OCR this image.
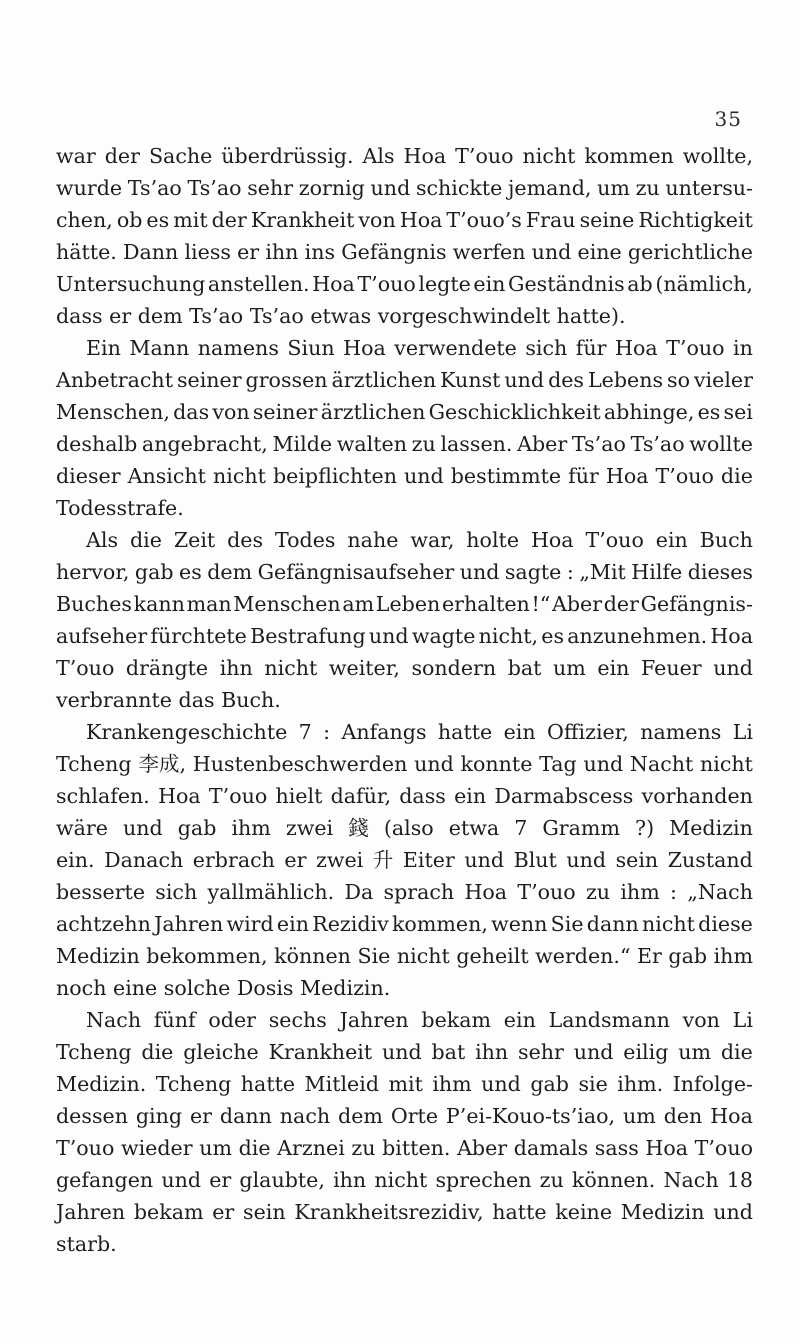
35
war der Sache überdrüssig. Als Hoa T’ouo nicht kommen wollte,
wurde Ts’ao Ts’ao sehr zornig und schickte jemand, um zu untersu-
chen, ob es mit der Krankheit von Hoa T’ouo’s Frau seine Richtigkeit
hätte. Dann liess er ihn ins Gefängnis werfen und eine gerichtliche
Untersuchung anstellen. Hoa T’ouo legte ein Geständnis ab (nämlich,
dass er dem Ts’ao Ts’ao etwas vorgeschwindelt hatte).
Ein Mann namens Siun Hoa verwendete sich für Hoa T’ouo in
Anbetracht seiner grossen ärztlichen Kunst und des Lebens so vieler
Menschen, das von seiner ärztlichen Geschicklichkeit abhinge, es sei
deshalb angebracht, Milde walten zu lassen. Aber Ts’ao Ts’ao wollte
dieser Ansicht nicht beipflichten und bestimmte für Hoa T’ouo die
Todesstrafe.
Als die Zeit des Todes nahe war, holte Hoa T’ouo ein Buch
hervor, gab es dem Gefängnisaufseher und sagte : „Mit Hilfe dieses
Buches kann man Menschen am Leben erhalten !“ Aber der Gefängnis-
aufseher fürchtete Bestrafung und wagte nicht, es anzunehmen. Hoa
T’ouo drängte ihn nicht weiter, sondern bat um ein Feuer und
verbrannte das Buch.
Krankengeschichte 7 : Anfangs hatte ein Offizier, namens Li
Tcheng 李成, Hustenbeschwerden und konnte Tag und Nacht nicht
schlafen. Hoa T’ouo hielt dafür, dass ein Darmabscess vorhanden
wäre und gab ihm zwei 錢 (also etwa 7 Gramm ?) Medizin
ein. Danach erbrach er zwei 升 Eiter und Blut und sein Zustand
besserte sich yallmählich. Da sprach Hoa T’ouo zu ihm : „Nach
achtzehn Jahren wird ein Rezidiv kommen, wenn Sie dann nicht diese
Medizin bekommen, können Sie nicht geheilt werden.“ Er gab ihm
noch eine solche Dosis Medizin.
Nach fünf oder sechs Jahren bekam ein Landsmann von Li
Tcheng die gleiche Krankheit und bat ihn sehr und eilig um die
Medizin. Tcheng hatte Mitleid mit ihm und gab sie ihm. Infolge-
dessen ging er dann nach dem Orte P’ei-Kouo-ts’iao, um den Hoa
T’ouo wieder um die Arznei zu bitten. Aber damals sass Hoa T’ouo
gefangen und er glaubte, ihn nicht sprechen zu können. Nach 18
Jahren bekam er sein Krankheitsrezidiv, hatte keine Medizin und
starb.
